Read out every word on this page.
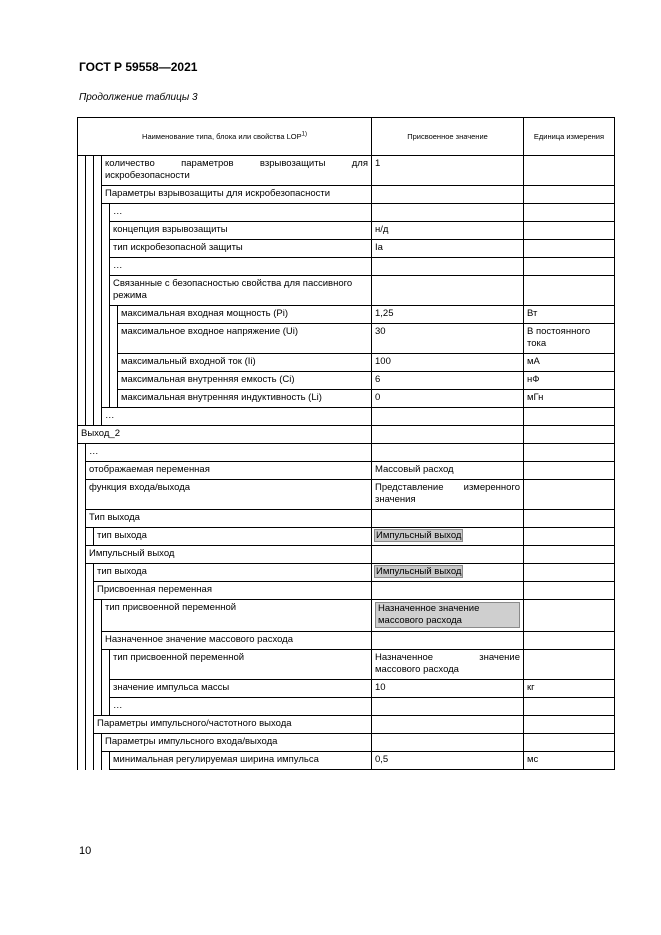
ГОСТ Р 59558—2021
Продолжение таблицы 3
Наименование типа, блока или свойства LOP$^{1)}$						Присвоенное значение	Единица измерения
			количество параметров взрывозащиты для искробезопасности			1	
			Параметры взрывозащиты для искробезопасности				
				…			
				концепция взрывозащиты		н/д	
				тип искробезопасной защиты		Ia	
				…			
				Связанные с безопасностью свойства для пассивного режима			
					максимальная входная мощность (Pi)	1,25	Вт
					максимальное входное напряжение (Ui)	30	В постоянного тока
					максимальный входной ток (Ii)	100	мА
					максимальная внутренняя емкость (Ci)	6	нФ
					максимальная внутренняя индуктивность (Li)	0	мГн
			…				
Выход_2							
	…						
	отображаемая переменная					Массовый расход	
	функция входа/выхода					Представление измеренного значения	
	Тип выхода						
		тип выхода				Импульсный выход	
	Импульсный выход						
		тип выхода				Импульсный выход	
		Присвоенная переменная					
			тип присвоенной переменной			Назначенное значение массового расхода	

			Назначенное значение массового расхода				
				тип присвоенной переменной		Назначенное значение массового расхода	
				значение импульса массы		10	кг
				…			
		Параметры импульсного/частотного выхода					
			Параметры импульсного входа/выхода				
				минимальная регулируемая ширина импульса		0,5	мс
10
